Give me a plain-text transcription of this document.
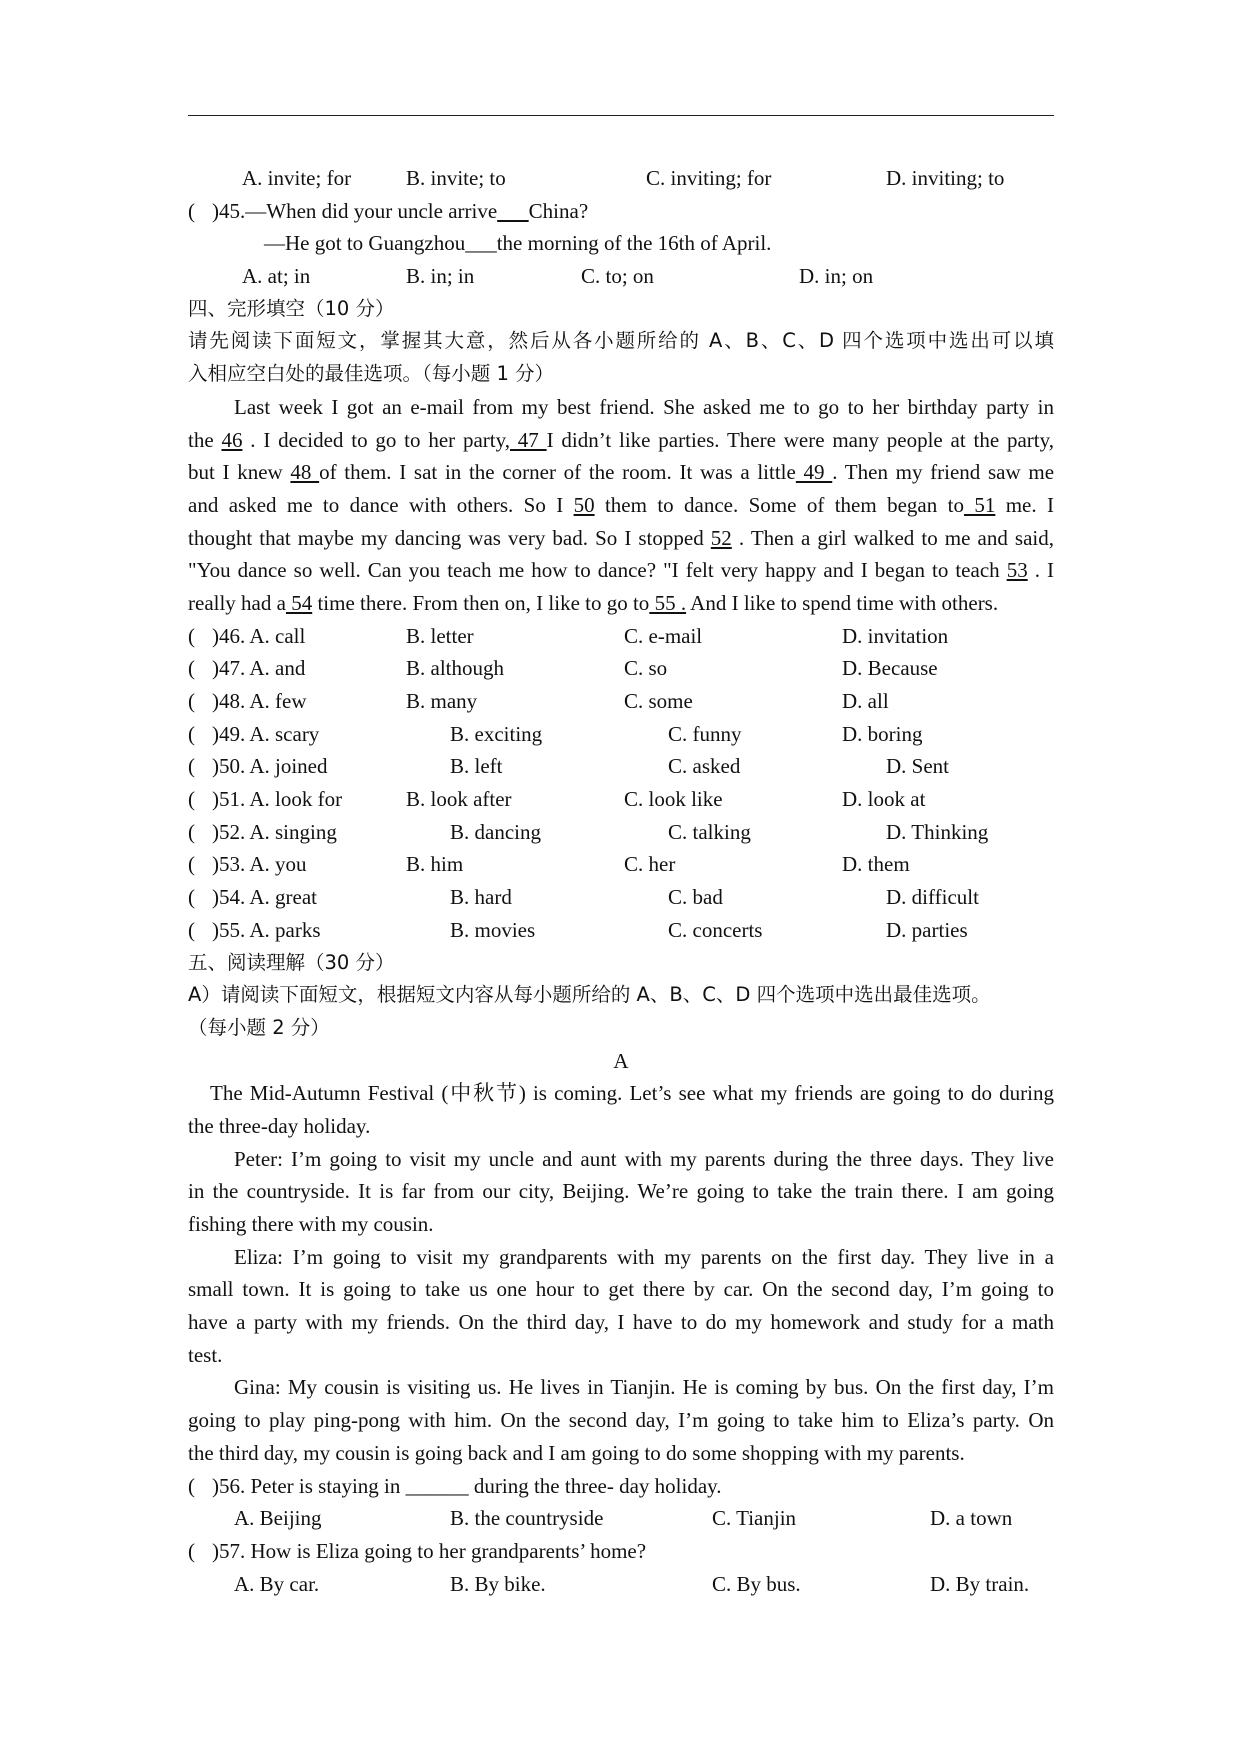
A. invite; for	B. invite; to	C. inviting; for	D. inviting; to
( )45.—When did your uncle arrive    China?
—He got to Guangzhou___the morning of the 16th of April.
A. at; in	B. in; in	C. to; on	D. in; on
四、完形填空（10 分）
请先阅读下面短文，掌握其大意，然后从各小题所给的 A、B、C、D 四个选项中选出可以填
入相应空白处的最佳选项。（每小题 1 分）
Last week I got an e-mail from my best friend. She asked me to go to her birthday party in
the 46 . I decided to go to her party, 47 I didn’t like parties. There were many people at the party,
but I knew 48 of them. I sat in the corner of the room. It was a little 49 . Then my friend saw me
and asked me to dance with others. So I 50 them to dance. Some of them began to 51 me. I
thought that maybe my dancing was very bad. So I stopped 52 . Then a girl walked to me and said,
"You dance so well. Can you teach me how to dance? "I felt very happy and I began to teach 53 . I
really had a 54 time there. From then on, I like to go to 55 . And I like to spend time with others.
( )46. A. call	B. letter	C. e-mail	D. invitation
( )47. A. and	B. although	C. so	D. Because
( )48. A. few	B. many	C. some	D. all
( )49. A. scary	B. exciting	C. funny	D. boring
( )50. A. joined	B. left	C. asked	D. Sent
( )51. A. look for	B. look after	C. look like	D. look at
( )52. A. singing	B. dancing	C. talking	D. Thinking
( )53. A. you	B. him	C. her	D. them
( )54. A. great	B. hard	C. bad	D. difficult
( )55. A. parks	B. movies	C. concerts	D. parties
五、阅读理解（30 分）
A）请阅读下面短文，根据短文内容从每小题所给的 A、B、C、D 四个选项中选出最佳选项。
（每小题 2 分）
A
The Mid-Autumn Festival (中秋节) is coming. Let’s see what my friends are going to do during
the three-day holiday.
Peter: I’m going to visit my uncle and aunt with my parents during the three days. They live
in the countryside. It is far from our city, Beijing. We’re going to take the train there. I am going
fishing there with my cousin.
Eliza: I’m going to visit my grandparents with my parents on the first day. They live in a
small town. It is going to take us one hour to get there by car. On the second day, I’m going to
have a party with my friends. On the third day, I have to do my homework and study for a math
test.
Gina: My cousin is visiting us. He lives in Tianjin. He is coming by bus. On the first day, I’m
going to play ping-pong with him. On the second day, I’m going to take him to Eliza’s party. On
the third day, my cousin is going back and I am going to do some shopping with my parents.
( )56. Peter is staying in ______ during the three- day holiday.
A. Beijing	B. the countryside	C. Tianjin	D. a town
( )57. How is Eliza going to her grandparents’ home?
A. By car.	B. By bike.	C. By bus.	D. By train.
